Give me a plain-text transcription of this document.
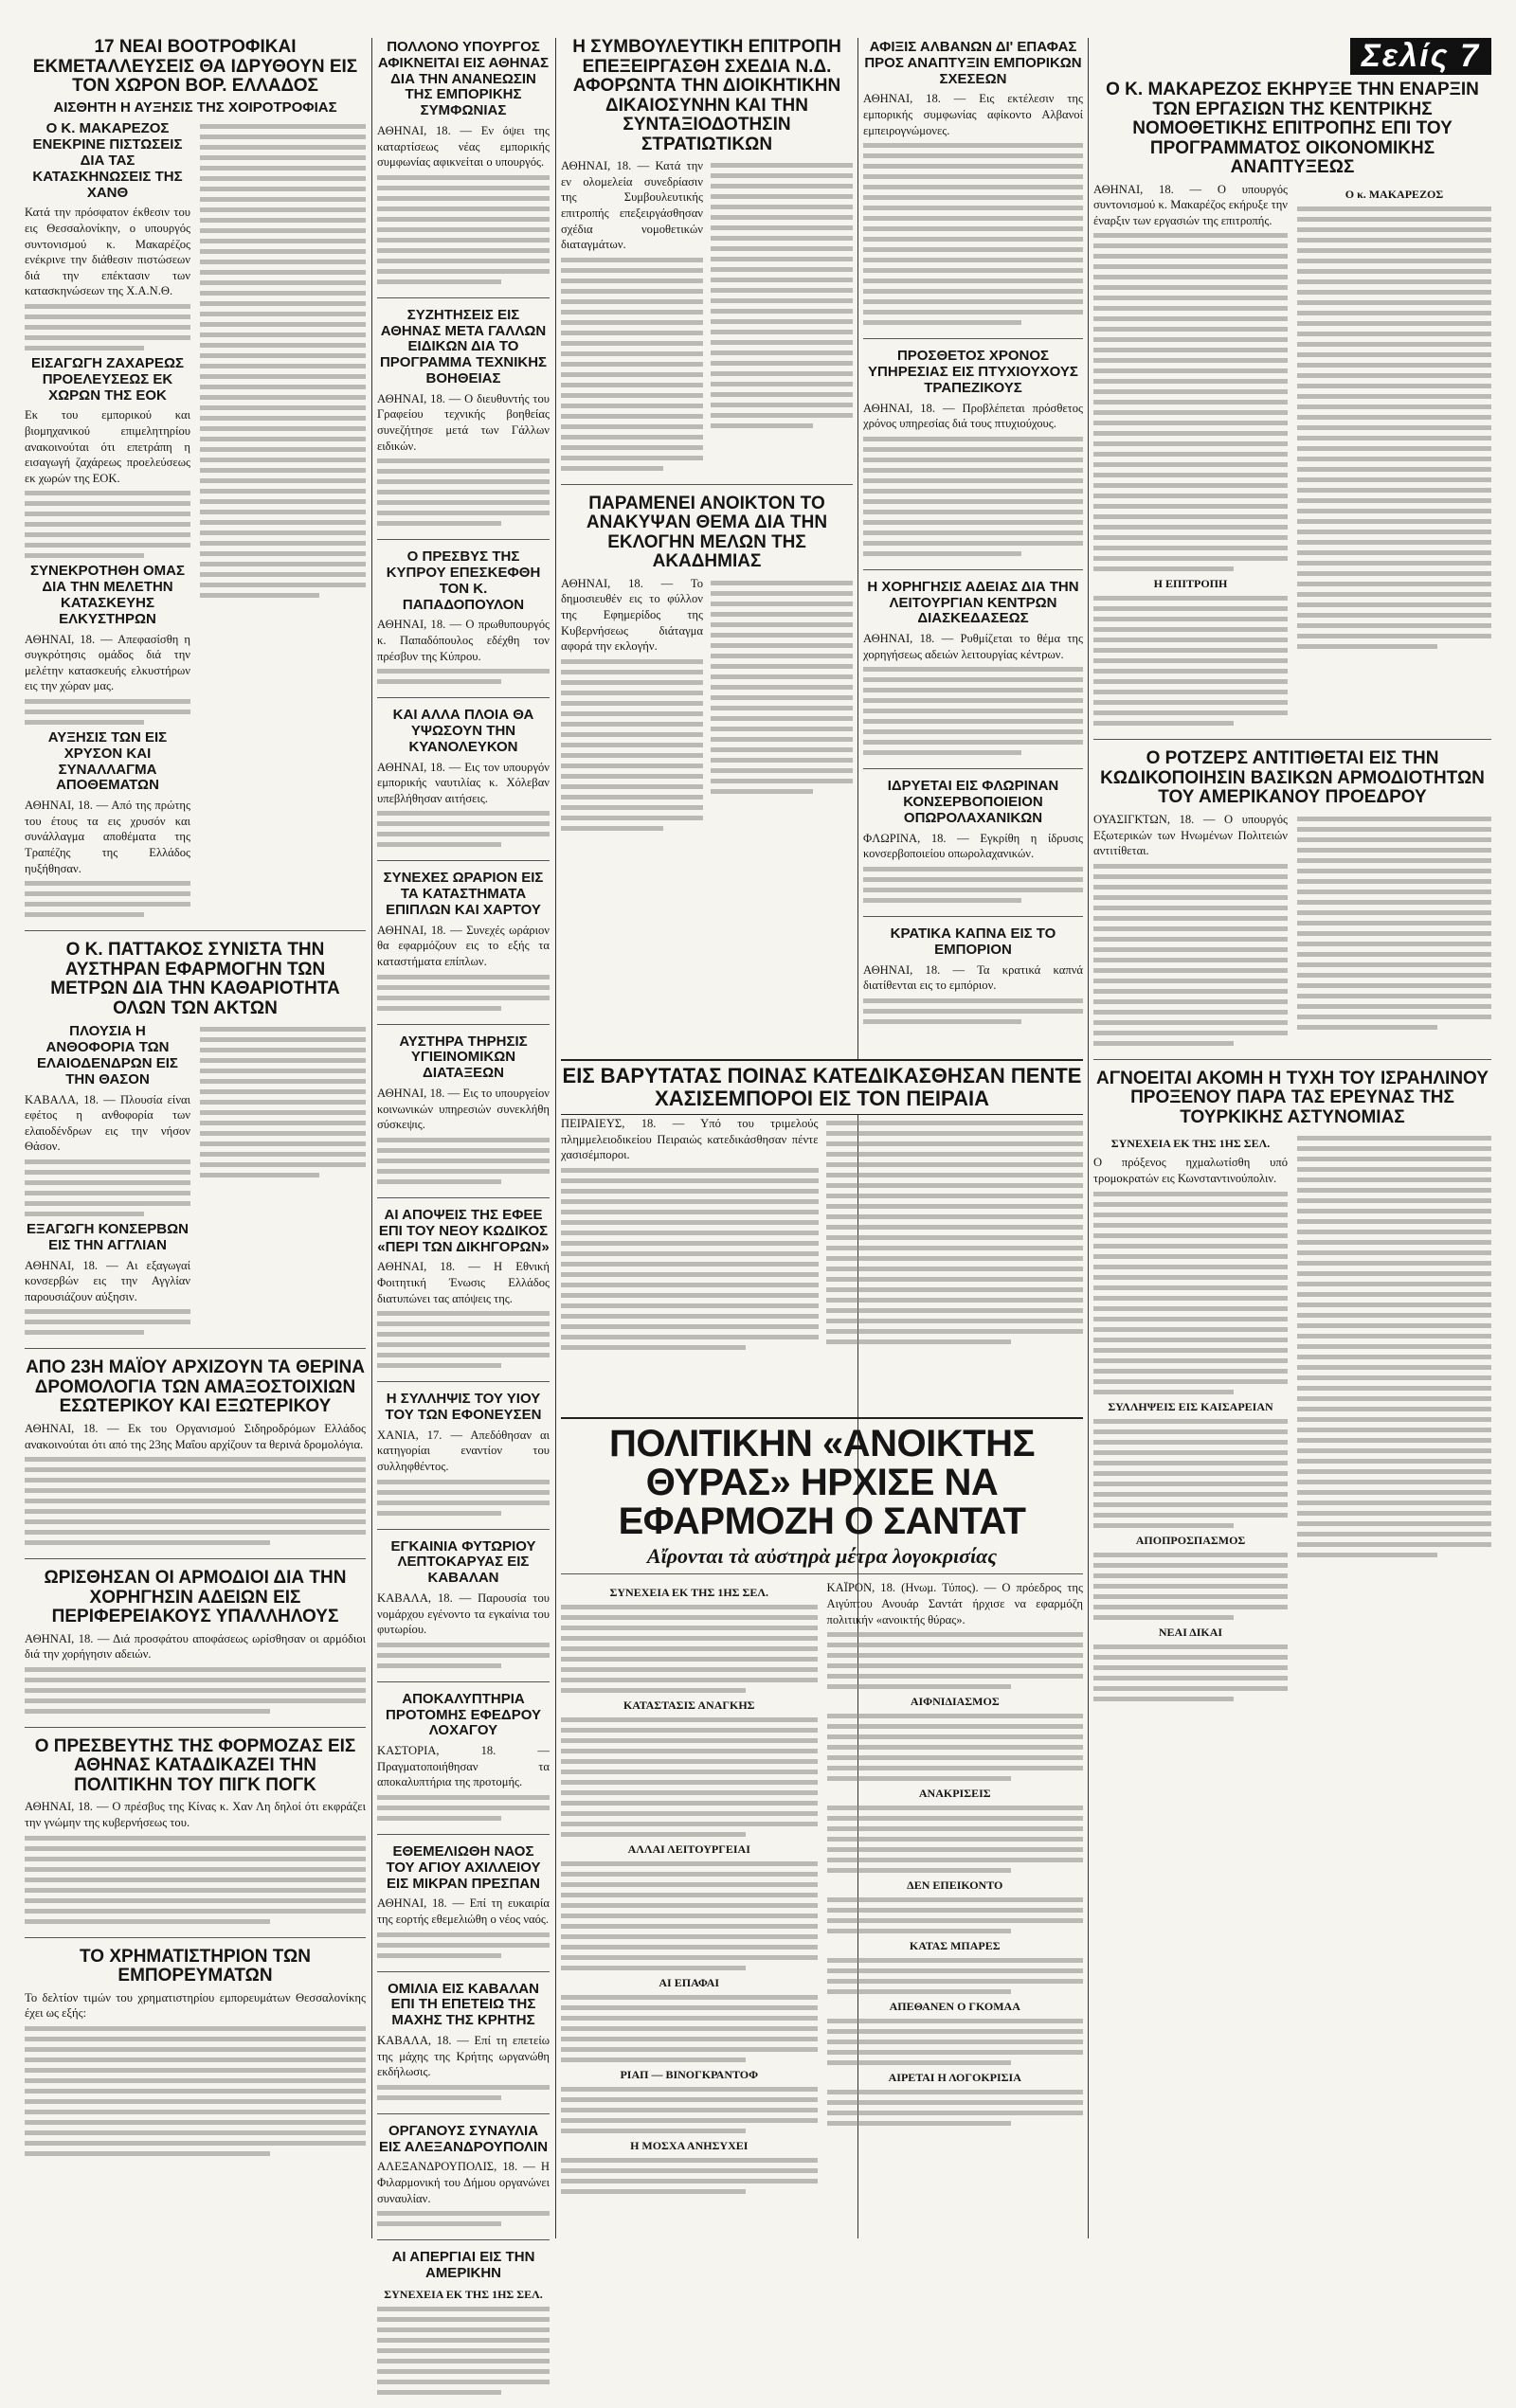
17 ΝΕΑΙ ΒΟΟΤΡΟΦΙΚΑΙ ΕΚΜΕΤΑΛΛΕΥΣΕΙΣ ΘΑ ΙΔΡΥΘΟΥΝ ΕΙΣ ΤΟΝ ΧΩΡΟΝ ΒΟΡ. ΕΛΛΑΔΟΣ
ΑΙΣΘΗΤΗ Η ΑΥΞΗΣΙΣ ΤΗΣ ΧΟΙΡΟΤΡΟΦΙΑΣ
Ο Κ. ΜΑΚΑΡΕΖΟΣ ΕΝΕΚΡΙΝΕ ΠΙΣΤΩΣΕΙΣ ΔΙΑ ΤΑΣ ΚΑΤΑΣΚΗΝΩΣΕΙΣ ΤΗΣ ΧΑΝΘ

Κατά την πρόσφατον έκθεσιν του εις Θεσσαλονίκην, ο υπουργός συντονισμού κ. Μακαρέζος ενέκρινε την διάθεσιν πιστώσεων διά την επέκτασιν των κατασκηνώσεων της Χ.Α.Ν.Θ.

ΕΙΣΑΓΩΓΗ ΖΑΧΑΡΕΩΣ ΠΡΟΕΛΕΥΣΕΩΣ ΕΚ ΧΩΡΩΝ ΤΗΣ ΕΟΚ

Εκ του εμπορικού και βιομηχανικού επιμελητηρίου ανακοινούται ότι επετράπη η εισαγωγή ζαχάρεως προελεύσεως εκ χωρών της ΕΟΚ.

ΣΥΝΕΚΡΟΤΗΘΗ ΟΜΑΣ ΔΙΑ ΤΗΝ ΜΕΛΕΤΗΝ ΚΑΤΑΣΚΕΥΗΣ ΕΛΚΥΣΤΗΡΩΝ

ΑΘΗΝΑΙ, 18. — Απεφασίσθη η συγκρότησις ομάδος διά την μελέτην κατασκευής ελκυστήρων εις την χώραν μας.

ΑΥΞΗΣΙΣ ΤΩΝ ΕΙΣ ΧΡΥΣΟΝ ΚΑΙ ΣΥΝΑΛΛΑΓΜΑ ΑΠΟΘΕΜΑΤΩΝ

ΑΘΗΝΑΙ, 18. — Από της πρώτης του έτους τα εις χρυσόν και συνάλλαγμα αποθέματα της Τραπέζης της Ελλάδος ηυξήθησαν.

Ο Κ. ΠΑΤΤΑΚΟΣ ΣΥΝΙΣΤΑ ΤΗΝ ΑΥΣΤΗΡΑΝ ΕΦΑΡΜΟΓΗΝ ΤΩΝ ΜΕΤΡΩΝ ΔΙΑ ΤΗΝ ΚΑΘΑΡΙΟΤΗΤΑ ΟΛΩΝ ΤΩΝ ΑΚΤΩΝ
ΠΛΟΥΣΙΑ Η ΑΝΘΟΦΟΡΙΑ ΤΩΝ ΕΛΑΙΟΔΕΝΔΡΩΝ ΕΙΣ ΤΗΝ ΘΑΣΟΝ

ΚΑΒΑΛΑ, 18. — Πλουσία είναι εφέτος η ανθοφορία των ελαιοδένδρων εις την νήσον Θάσον.

ΕΞΑΓΩΓΗ ΚΟΝΣΕΡΒΩΝ ΕΙΣ ΤΗΝ ΑΓΓΛΙΑΝ

ΑΘΗΝΑΙ, 18. — Αι εξαγωγαί κονσερβών εις την Αγγλίαν παρουσιάζουν αύξησιν.

ΑΠΟ 23Η ΜΑΪΟΥ ΑΡΧΙΖΟΥΝ ΤΑ ΘΕΡΙΝΑ ΔΡΟΜΟΛΟΓΙΑ ΤΩΝ ΑΜΑΞΟΣΤΟΙΧΙΩΝ ΕΣΩΤΕΡΙΚΟΥ ΚΑΙ ΕΞΩΤΕΡΙΚΟΥ

ΑΘΗΝΑΙ, 18. — Εκ του Οργανισμού Σιδηροδρόμων Ελλάδος ανακοινούται ότι από της 23ης Μαΐου αρχίζουν τα θερινά δρομολόγια.

ΩΡΙΣΘΗΣΑΝ ΟΙ ΑΡΜΟΔΙΟΙ ΔΙΑ ΤΗΝ ΧΟΡΗΓΗΣΙΝ ΑΔΕΙΩΝ ΕΙΣ ΠΕΡΙΦΕΡΕΙΑΚΟΥΣ ΥΠΑΛΛΗΛΟΥΣ

ΑΘΗΝΑΙ, 18. — Διά προσφάτου αποφάσεως ωρίσθησαν οι αρμόδιοι διά την χορήγησιν αδειών.

Ο ΠΡΕΣΒΕΥΤΗΣ ΤΗΣ ΦΟΡΜΟΖΑΣ ΕΙΣ ΑΘΗΝΑΣ ΚΑΤΑΔΙΚΑΖΕΙ ΤΗΝ ΠΟΛΙΤΙΚΗΝ ΤΟΥ ΠΙΓΚ ΠΟΓΚ

ΑΘΗΝΑΙ, 18. — Ο πρέσβυς της Κίνας κ. Χαν Λη δηλοί ότι εκφράζει την γνώμην της κυβερνήσεως του.

ΤΟ ΧΡΗΜΑΤΙΣΤΗΡΙΟΝ ΤΩΝ ΕΜΠΟΡΕΥΜΑΤΩΝ

Το δελτίον τιμών του χρηματιστηρίου εμπορευμάτων Θεσσαλονίκης έχει ως εξής:

ΠΟΛΛΟΝΟ ΥΠΟΥΡΓΟΣ ΑΦΙΚΝΕΙΤΑΙ ΕΙΣ ΑΘΗΝΑΣ ΔΙΑ ΤΗΝ ΑΝΑΝΕΩΣΙΝ ΤΗΣ ΕΜΠΟΡΙΚΗΣ ΣΥΜΦΩΝΙΑΣ

ΑΘΗΝΑΙ, 18. — Εν όψει της καταρτίσεως νέας εμπορικής συμφωνίας αφικνείται ο υπουργός.

ΣΥΖΗΤΗΣΕΙΣ ΕΙΣ ΑΘΗΝΑΣ ΜΕΤΑ ΓΑΛΛΩΝ ΕΙΔΙΚΩΝ ΔΙΑ ΤΟ ΠΡΟΓΡΑΜΜΑ ΤΕΧΝΙΚΗΣ ΒΟΗΘΕΙΑΣ

ΑΘΗΝΑΙ, 18. — Ο διευθυντής του Γραφείου τεχνικής βοηθείας συνεζήτησε μετά των Γάλλων ειδικών.

Ο ΠΡΕΣΒΥΣ ΤΗΣ ΚΥΠΡΟΥ ΕΠΕΣΚΕΦΘΗ ΤΟΝ Κ. ΠΑΠΑΔΟΠΟΥΛΟΝ

ΑΘΗΝΑΙ, 18. — Ο πρωθυπουργός κ. Παπαδόπουλος εδέχθη τον πρέσβυν της Κύπρου.

ΚΑΙ ΑΛΛΑ ΠΛΟΙΑ ΘΑ ΥΨΩΣΟΥΝ ΤΗΝ ΚΥΑΝΟΛΕΥΚΟΝ

ΑΘΗΝΑΙ, 18. — Εις τον υπουργόν εμπορικής ναυτιλίας κ. Χόλεβαν υπεβλήθησαν αιτήσεις.

ΣΥΝΕΧΕΣ ΩΡΑΡΙΟΝ ΕΙΣ ΤΑ ΚΑΤΑΣΤΗΜΑΤΑ ΕΠΙΠΛΩΝ ΚΑΙ ΧΑΡΤΟΥ

ΑΘΗΝΑΙ, 18. — Συνεχές ωράριον θα εφαρμόζουν εις το εξής τα καταστήματα επίπλων.

ΑΥΣΤΗΡΑ ΤΗΡΗΣΙΣ ΥΓΙΕΙΝΟΜΙΚΩΝ ΔΙΑΤΑΞΕΩΝ

ΑΘΗΝΑΙ, 18. — Εις το υπουργείον κοινωνικών υπηρεσιών συνεκλήθη σύσκεψις.

ΑΙ ΑΠΟΨΕΙΣ ΤΗΣ ΕΦΕΕ ΕΠΙ ΤΟΥ ΝΕΟΥ ΚΩΔΙΚΟΣ «ΠΕΡΙ ΤΩΝ ΔΙΚΗΓΟΡΩΝ»

ΑΘΗΝΑΙ, 18. — Η Εθνική Φοιτητική Ένωσις Ελλάδος διατυπώνει τας απόψεις της.

Η ΣΥΛΛΗΨΙΣ ΤΟΥ ΥΙΟΥ ΤΟΥ ΤΩΝ ΕΦΟΝΕΥΣΕΝ

ΧΑΝΙΑ, 17. — Απεδόθησαν αι κατηγορίαι εναντίον του συλληφθέντος.

ΕΓΚΑΙΝΙΑ ΦΥΤΩΡΙΟΥ ΛΕΠΤΟΚΑΡΥΑΣ ΕΙΣ ΚΑΒΑΛΑΝ

ΚΑΒΑΛΑ, 18. — Παρουσία του νομάρχου εγένοντο τα εγκαίνια του φυτωρίου.

ΑΠΟΚΑΛΥΠΤΗΡΙΑ ΠΡΟΤΟΜΗΣ ΕΦΕΔΡΟΥ ΛΟΧΑΓΟΥ

ΚΑΣΤΟΡΙΑ, 18. — Πραγματοποιήθησαν τα αποκαλυπτήρια της προτομής.

ΕΘΕΜΕΛΙΩΘΗ ΝΑΟΣ ΤΟΥ ΑΓΙΟΥ ΑΧΙΛΛΕΙΟΥ ΕΙΣ ΜΙΚΡΑΝ ΠΡΕΣΠΑΝ

ΑΘΗΝΑΙ, 18. — Επί τη ευκαιρία της εορτής εθεμελιώθη ο νέος ναός.

ΟΜΙΛΙΑ ΕΙΣ ΚΑΒΑΛΑΝ ΕΠΙ ΤΗ ΕΠΕΤΕΙΩ ΤΗΣ ΜΑΧΗΣ ΤΗΣ ΚΡΗΤΗΣ

ΚΑΒΑΛΑ, 18. — Επί τη επετείω της μάχης της Κρήτης ωργανώθη εκδήλωσις.

ΟΡΓΑΝΟΥΣ ΣΥΝΑΥΛΙΑ ΕΙΣ ΑΛΕΞΑΝΔΡΟΥΠΟΛΙΝ

ΑΛΕΞΑΝΔΡΟΥΠΟΛΙΣ, 18. — Η Φιλαρμονική του Δήμου οργανώνει συναυλίαν.

ΑΙ ΑΠΕΡΓΙΑΙ ΕΙΣ ΤΗΝ ΑΜΕΡΙΚΗΝ
ΣΥΝΕΧΕΙΑ ΕΚ ΤΗΣ 1ΗΣ ΣΕΛ.
Η ΣΥΜΒΟΥΛΕΥΤΙΚΗ ΕΠΙΤΡΟΠΗ ΕΠΕΞΕΙΡΓΑΣΘΗ ΣΧΕΔΙΑ Ν.Δ. ΑΦΟΡΩΝΤΑ ΤΗΝ ΔΙΟΙΚΗΤΙΚΗΝ ΔΙΚΑΙΟΣΥΝΗΝ ΚΑΙ ΤΗΝ ΣΥΝΤΑΞΙΟΔΟΤΗΣΙΝ ΣΤΡΑΤΙΩΤΙΚΩΝ

ΑΘΗΝΑΙ, 18. — Κατά την εν ολομελεία συνεδρίασιν της Συμβουλευτικής επιτροπής επεξειργάσθησαν σχέδια νομοθετικών διαταγμάτων.

ΠΑΡΑΜΕΝΕΙ ΑΝΟΙΚΤΟΝ ΤΟ ΑΝΑΚΥΨΑΝ ΘΕΜΑ ΔΙΑ ΤΗΝ ΕΚΛΟΓΗΝ ΜΕΛΩΝ ΤΗΣ ΑΚΑΔΗΜΙΑΣ

ΑΘΗΝΑΙ, 18. — Το δημοσιευθέν εις το φύλλον της Εφημερίδος της Κυβερνήσεως διάταγμα αφορά την εκλογήν.

ΑΦΙΞΙΣ ΑΛΒΑΝΩΝ ΔΙ' ΕΠΑΦΑΣ ΠΡΟΣ ΑΝΑΠΤΥΞΙΝ ΕΜΠΟΡΙΚΩΝ ΣΧΕΣΕΩΝ

ΑΘΗΝΑΙ, 18. — Εις εκτέλεσιν της εμπορικής συμφωνίας αφίκοντο Αλβανοί εμπειρογνώμονες.

ΠΡΟΣΘΕΤΟΣ ΧΡΟΝΟΣ ΥΠΗΡΕΣΙΑΣ ΕΙΣ ΠΤΥΧΙΟΥΧΟΥΣ ΤΡΑΠΕΖΙΚΟΥΣ

ΑΘΗΝΑΙ, 18. — Προβλέπεται πρόσθετος χρόνος υπηρεσίας διά τους πτυχιούχους.

Η ΧΟΡΗΓΗΣΙΣ ΑΔΕΙΑΣ ΔΙΑ ΤΗΝ ΛΕΙΤΟΥΡΓΙΑΝ ΚΕΝΤΡΩΝ ΔΙΑΣΚΕΔΑΣΕΩΣ

ΑΘΗΝΑΙ, 18. — Ρυθμίζεται το θέμα της χορηγήσεως αδειών λειτουργίας κέντρων.

ΙΔΡΥΕΤΑΙ ΕΙΣ ΦΛΩΡΙΝΑΝ ΚΟΝΣΕΡΒΟΠΟΙΕΙΟΝ ΟΠΩΡΟΛΑΧΑΝΙΚΩΝ

ΦΛΩΡΙΝΑ, 18. — Εγκρίθη η ίδρυσις κονσερβοποιείου οπωρολαχανικών.

ΚΡΑΤΙΚΑ ΚΑΠΝΑ ΕΙΣ ΤΟ ΕΜΠΟΡΙΟΝ

ΑΘΗΝΑΙ, 18. — Τα κρατικά καπνά διατίθενται εις το εμπόριον.

ΕΙΣ ΒΑΡΥΤΑΤΑΣ ΠΟΙΝΑΣ ΚΑΤΕΔΙΚΑΣΘΗΣΑΝ ΠΕΝΤΕ ΧΑΣΙΣΕΜΠΟΡΟΙ ΕΙΣ ΤΟΝ ΠΕΙΡΑΙΑ

ΠΕΙΡΑΙΕΥΣ, 18. — Υπό του τριμελούς πλημμελειοδικείου Πειραιώς κατεδικάσθησαν πέντε χασισέμποροι.

ΠΟΛΙΤΙΚΗΝ «ΑΝΟΙΚΤΗΣ ΘΥΡΑΣ» ΗΡΧΙΣΕ ΝΑ ΕΦΑΡΜΟΖΗ Ο ΣΑΝΤΑΤ
Αἴρονται τὰ αὐστηρὰ μέτρα λογοκρισίας
ΣΥΝΕΧΕΙΑ ΕΚ ΤΗΣ 1ΗΣ ΣΕΛ.
ΚΑΤΑΣΤΑΣΙΣ ΑΝΑΓΚΗΣ
ΑΛΛΑΙ ΛΕΙΤΟΥΡΓΕΙΑΙ
ΑΙ ΕΠΑΦΑΙ
ΡΙΑΠ — ΒΙΝΟΓΚΡΑΝΤΟΦ
Η ΜΟΣΧΑ ΑΝΗΣΥΧΕΙ

ΚΑΪΡΟΝ, 18. (Ηνωμ. Τύπος). — Ο πρόεδρος της Αιγύπτου Ανουάρ Σαντάτ ήρχισε να εφαρμόζη πολιτικήν «ανοικτής θύρας».

ΑΙΦΝΙΔΙΑΣΜΟΣ
ΑΝΑΚΡΙΣΕΙΣ
ΔΕΝ ΕΠΕΙΚΟΝΤΟ
ΚΑΤΑΣ ΜΠΑΡΕΣ
ΑΠΕΘΑΝΕΝ Ο ΓΚΟΜΑΑ
ΑΙΡΕΤΑΙ Η ΛΟΓΟΚΡΙΣΙΑ
Σελίς 7
Ο Κ. ΜΑΚΑΡΕΖΟΣ ΕΚΗΡΥΞΕ ΤΗΝ ΕΝΑΡΞΙΝ ΤΩΝ ΕΡΓΑΣΙΩΝ ΤΗΣ ΚΕΝΤΡΙΚΗΣ ΝΟΜΟΘΕΤΙΚΗΣ ΕΠΙΤΡΟΠΗΣ ΕΠΙ ΤΟΥ ΠΡΟΓΡΑΜΜΑΤΟΣ ΟΙΚΟΝΟΜΙΚΗΣ ΑΝΑΠΤΥΞΕΩΣ

ΑΘΗΝΑΙ, 18. — Ο υπουργός συντονισμού κ. Μακαρέζος εκήρυξε την έναρξιν των εργασιών της επιτροπής.

Η ΕΠΙΤΡΟΠΗ
Ο κ. ΜΑΚΑΡΕΖΟΣ
Ο ΡΟΤΖΕΡΣ ΑΝΤΙΤΙΘΕΤΑΙ ΕΙΣ ΤΗΝ ΚΩΔΙΚΟΠΟΙΗΣΙΝ ΒΑΣΙΚΩΝ ΑΡΜΟΔΙΟΤΗΤΩΝ ΤΟΥ ΑΜΕΡΙΚΑΝΟΥ ΠΡΟΕΔΡΟΥ

ΟΥΑΣΙΓΚΤΩΝ, 18. — Ο υπουργός Εξωτερικών των Ηνωμένων Πολιτειών αντιτίθεται.

ΑΓΝΟΕΙΤΑΙ ΑΚΟΜΗ Η ΤΥΧΗ ΤΟΥ ΙΣΡΑΗΛΙΝΟΥ ΠΡΟΞΕΝΟΥ ΠΑΡΑ ΤΑΣ ΕΡΕΥΝΑΣ ΤΗΣ ΤΟΥΡΚΙΚΗΣ ΑΣΤΥΝΟΜΙΑΣ
ΣΥΝΕΧΕΙΑ ΕΚ ΤΗΣ 1ΗΣ ΣΕΛ.

Ο πρόξενος ηχμαλωτίσθη υπό τρομοκρατών εις Κωνσταντινούπολιν.

ΣΥΛΛΗΨΕΙΣ ΕΙΣ ΚΑΙΣΑΡΕΙΑΝ
ΑΠΟΠΡΟΣΠΑΣΜΟΣ
ΝΕΑΙ ΔΙΚΑΙ
